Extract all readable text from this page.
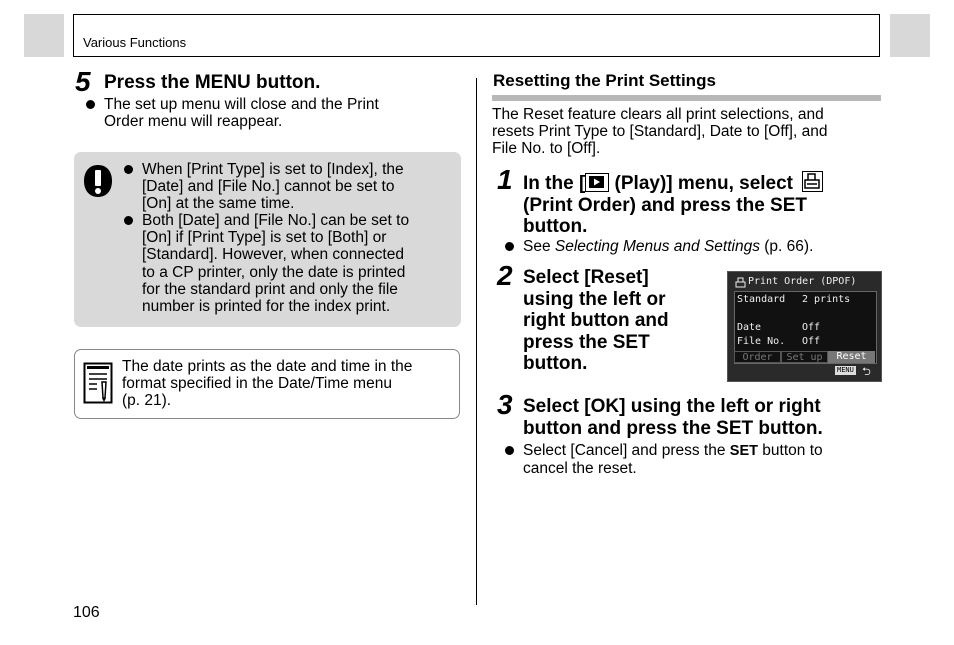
Various Functions
5 Press the MENU button.
The set up menu will close and the Print
Order menu will reappear.
When [Print Type] is set to [Index], the
[Date] and [File No.] cannot be set to
[On] at the same time.
Both [Date] and [File No.] can be set to
[On] if [Print Type] is set to [Both] or
[Standard]. However, when connected
to a CP printer, only the date is printed
for the standard print and only the file
number is printed for the index print.
The date prints as the date and time in the
format specified in the Date/Time menu
(p. 21).
Resetting the Print Settings
The Reset feature clears all print selections, and
resets Print Type to [Standard], Date to [Off], and
File No. to [Off].
1 In the [
(Play)] menu, select
(Print Order) and press the SET
button.
See Selecting Menus and Settings (p. 66).
2 Select [Reset]
using the left or
right button and
press the SET
button.
Print Order (DPOF)
Standard 2 prints
Date	Off
File No. Off
Order	Set up	Reset
MENU ⮌
3 Select [OK] using the left or right
button and press the SET button.
Select [Cancel] and press the SET button to
cancel the reset.
106
